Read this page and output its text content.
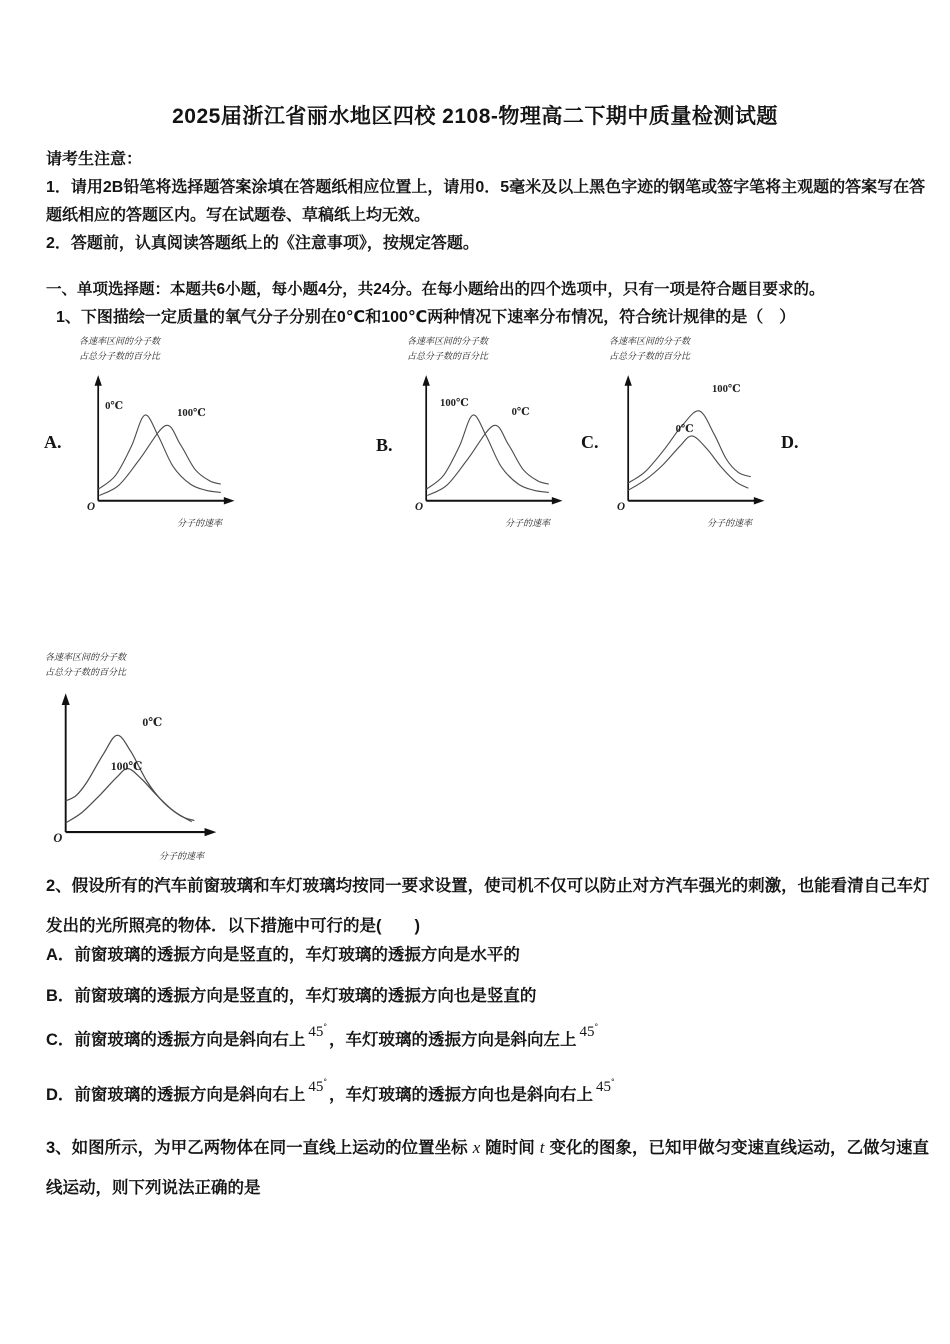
2025届浙江省丽水地区四校 2108-物理高二下期中质量检测试题
请考生注意：
1．请用2B铅笔将选择题答案涂填在答题纸相应位置上，请用0．5毫米及以上黑色字迹的钢笔或签字笔将主观题的答案写在答题纸相应的答题区内。写在试题卷、草稿纸上均无效。
2．答题前，认真阅读答题纸上的《注意事项》，按规定答题。
一、单项选择题：本题共6小题，每小题4分，共24分。在每小题给出的四个选项中，只有一项是符合题目要求的。
1、下图描绘一定质量的氧气分子分别在0℃和100℃两种情况下速率分布情况，符合统计规律的是（　）
A.	B.	C.	D.
各速率区间的分子数
占总分子数的百分比
O
0℃
100℃
分子的速率
各速率区间的分子数
占总分子数的百分比
O
100℃
0℃
分子的速率
各速率区间的分子数
占总分子数的百分比
O
100℃
0℃
分子的速率
各速率区间的分子数
占总分子数的百分比
O
0℃
100℃
分子的速率
2、假设所有的汽车前窗玻璃和车灯玻璃均按同一要求设置，使司机不仅可以防止对方汽车强光的刺激，也能看清自己车灯发出的光所照亮的物体．以下措施中可行的是(　　)
A．前窗玻璃的透振方向是竖直的，车灯玻璃的透振方向是水平的
B．前窗玻璃的透振方向是竖直的，车灯玻璃的透振方向也是竖直的
C．前窗玻璃的透振方向是斜向右上 45°，车灯玻璃的透振方向是斜向左上 45°
D．前窗玻璃的透振方向是斜向右上 45°，车灯玻璃的透振方向也是斜向右上 45°
3、如图所示，为甲乙两物体在同一直线上运动的位置坐标 x 随时间 t 变化的图象，已知甲做匀变速直线运动，乙做匀速直线运动，则下列说法正确的是
